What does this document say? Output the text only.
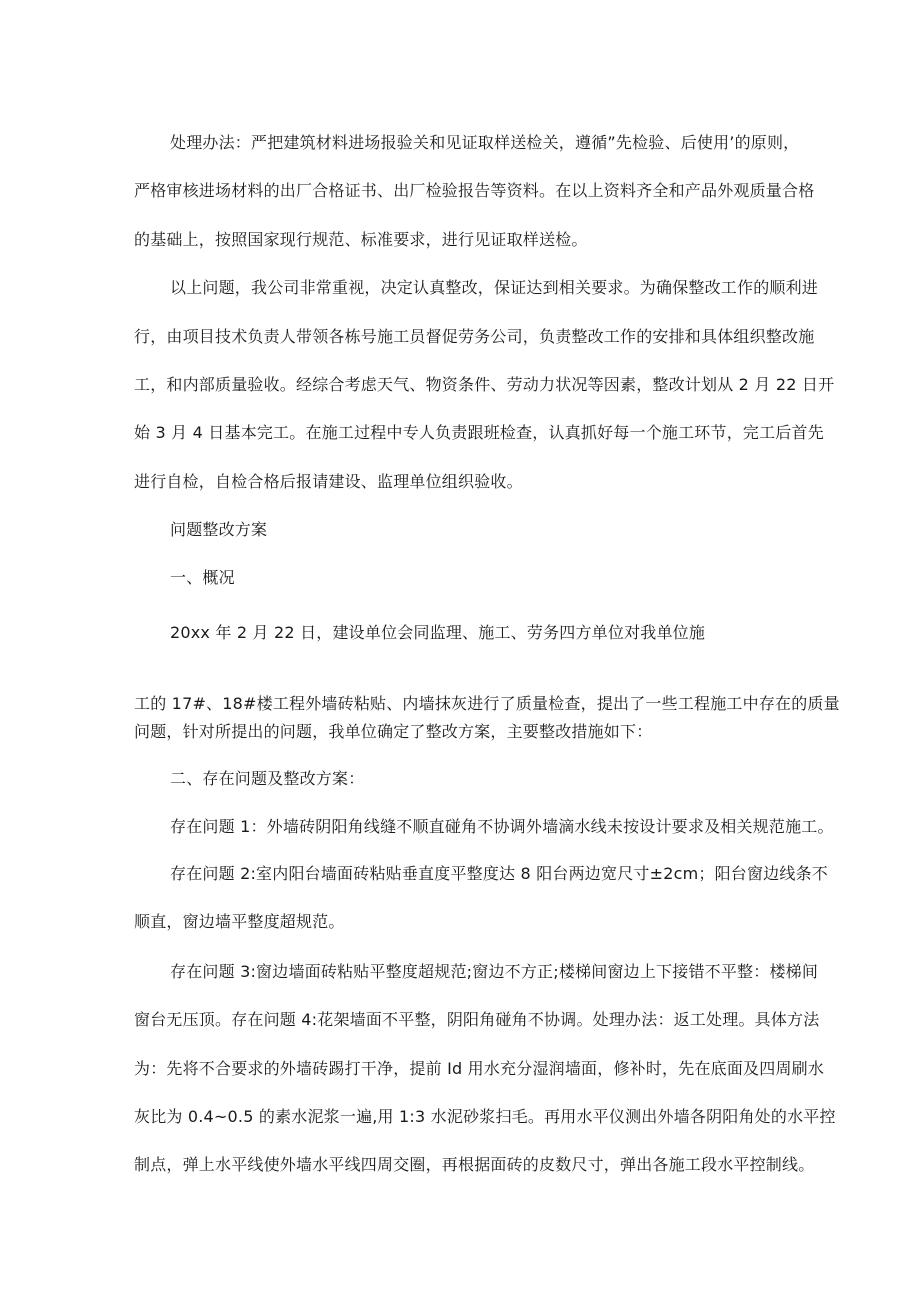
处理办法：严把建筑材料进场报验关和见证取样送检关，遵循”先检验、后使用’的原则，
严格审核进场材料的出厂合格证书、出厂检验报告等资料。在以上资料齐全和产品外观质量合格
的基础上，按照国家现行规范、标准要求，进行见证取样送检。
以上问题，我公司非常重视，决定认真整改，保证达到相关要求。为确保整改工作的顺利进
行，由项目技术负责人带领各栋号施工员督促劳务公司，负责整改工作的安排和具体组织整改施
工，和内部质量验收。经综合考虑天气、物资条件、劳动力状况等因素，整改计划从 2 月 22 日开
始 3 月 4 日基本完工。在施工过程中专人负责跟班检查，认真抓好每一个施工环节，完工后首先
进行自检，自检合格后报请建设、监理单位组织验收。
问题整改方案
一、概况
20xx 年 2 月 22 日，建设单位会同监理、施工、劳务四方单位对我单位施
工的 17#、18#楼工程外墙砖粘贴、内墙抹灰进行了质量检查，提出了一些工程施工中存在的质量
问题，针对所提出的问题，我单位确定了整改方案，主要整改措施如下：
二、存在问题及整改方案：
存在问题 1：外墙砖阴阳角线缝不顺直碰角不协调外墙滴水线未按设计要求及相关规范施工。
存在问题 2:室内阳台墙面砖粘贴垂直度平整度达 8 阳台两边宽尺寸±2cm；阳台窗边线条不
顺直，窗边墙平整度超规范。
存在问题 3:窗边墙面砖粘贴平整度超规范;窗边不方正;楼梯间窗边上下接错不平整：楼梯间
窗台无压顶。存在问题 4:花架墙面不平整，阴阳角碰角不协调。处理办法：返工处理。具体方法
为：先将不合要求的外墙砖踢打干净，提前 Id 用水充分湿润墙面，修补时，先在底面及四周刷水
灰比为 0.4~0.5 的素水泥浆一遍,用 1:3 水泥砂浆扫毛。再用水平仪测出外墙各阴阳角处的水平控
制点，弹上水平线使外墙水平线四周交圈，再根据面砖的皮数尺寸，弹出各施工段水平控制线。
